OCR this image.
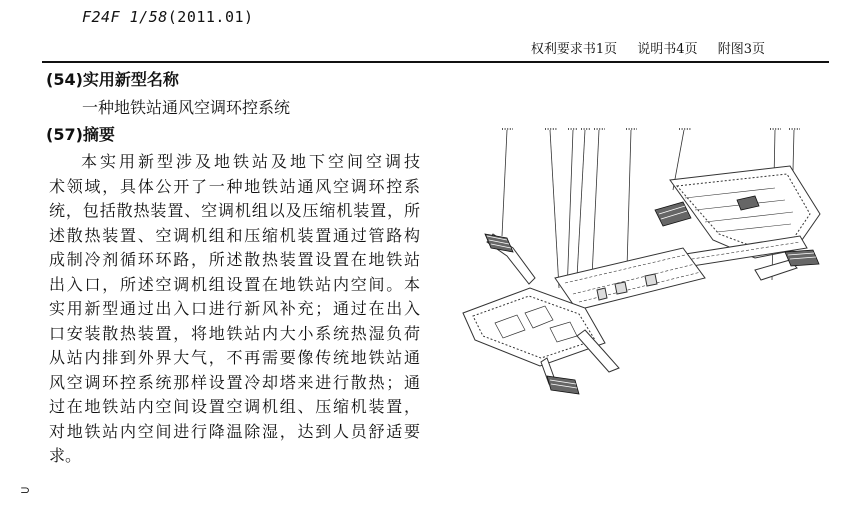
F24F 1/58(2011.01)
权利要求书1页 说明书4页 附图3页
(54)实用新型名称
一种地铁站通风空调环控系统
(57)摘要
本实用新型涉及地铁站及地下空间空调技
术领域，具体公开了一种地铁站通风空调环控系
统，包括散热装置、空调机组以及压缩机装置，所
述散热装置、空调机组和压缩机装置通过管路构
成制冷剂循环环路，所述散热装置设置在地铁站
出入口，所述空调机组设置在地铁站内空间。本
实用新型通过出入口进行新风补充；通过在出入
口安装散热装置，将地铁站内大小系统热湿负荷
从站内排到外界大气，不再需要像传统地铁站通
风空调环控系统那样设置冷却塔来进行散热；通
过在地铁站内空间设置空调机组、压缩机装置，
对地铁站内空间进行降温除湿，达到人员舒适要
求。
⊃
